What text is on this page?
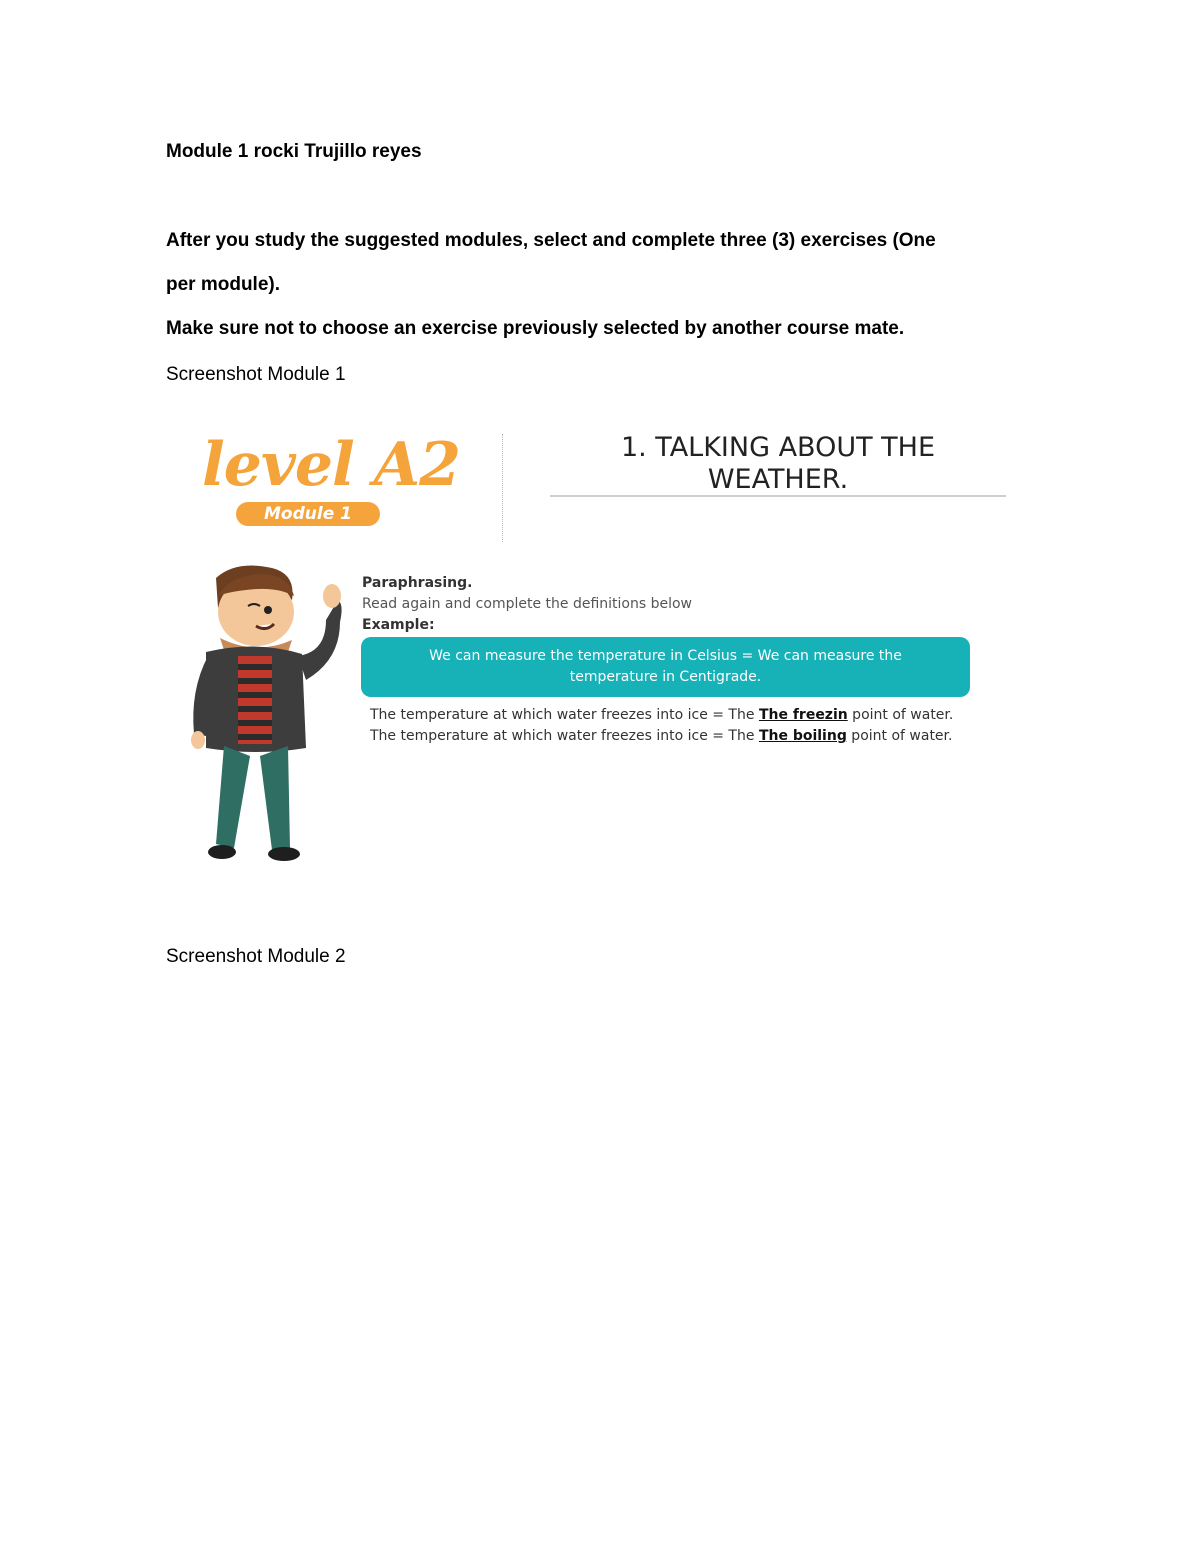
Module 1 rocki Trujillo reyes
After you study the suggested modules, select and complete three (3) exercises (One
per module).
Make sure not to choose an exercise previously selected by another course mate.
Screenshot Module 1
level A2
Module 1
1. TALKING ABOUT THE WEATHER.
Paraphrasing.
Read again and complete the definitions below
Example:
We can measure the temperature in Celsius = We can measure the temperature in Centigrade.
The temperature at which water freezes into ice = The The freezin point of water.
The temperature at which water freezes into ice = The The boiling point of water.
Screenshot Module 2
